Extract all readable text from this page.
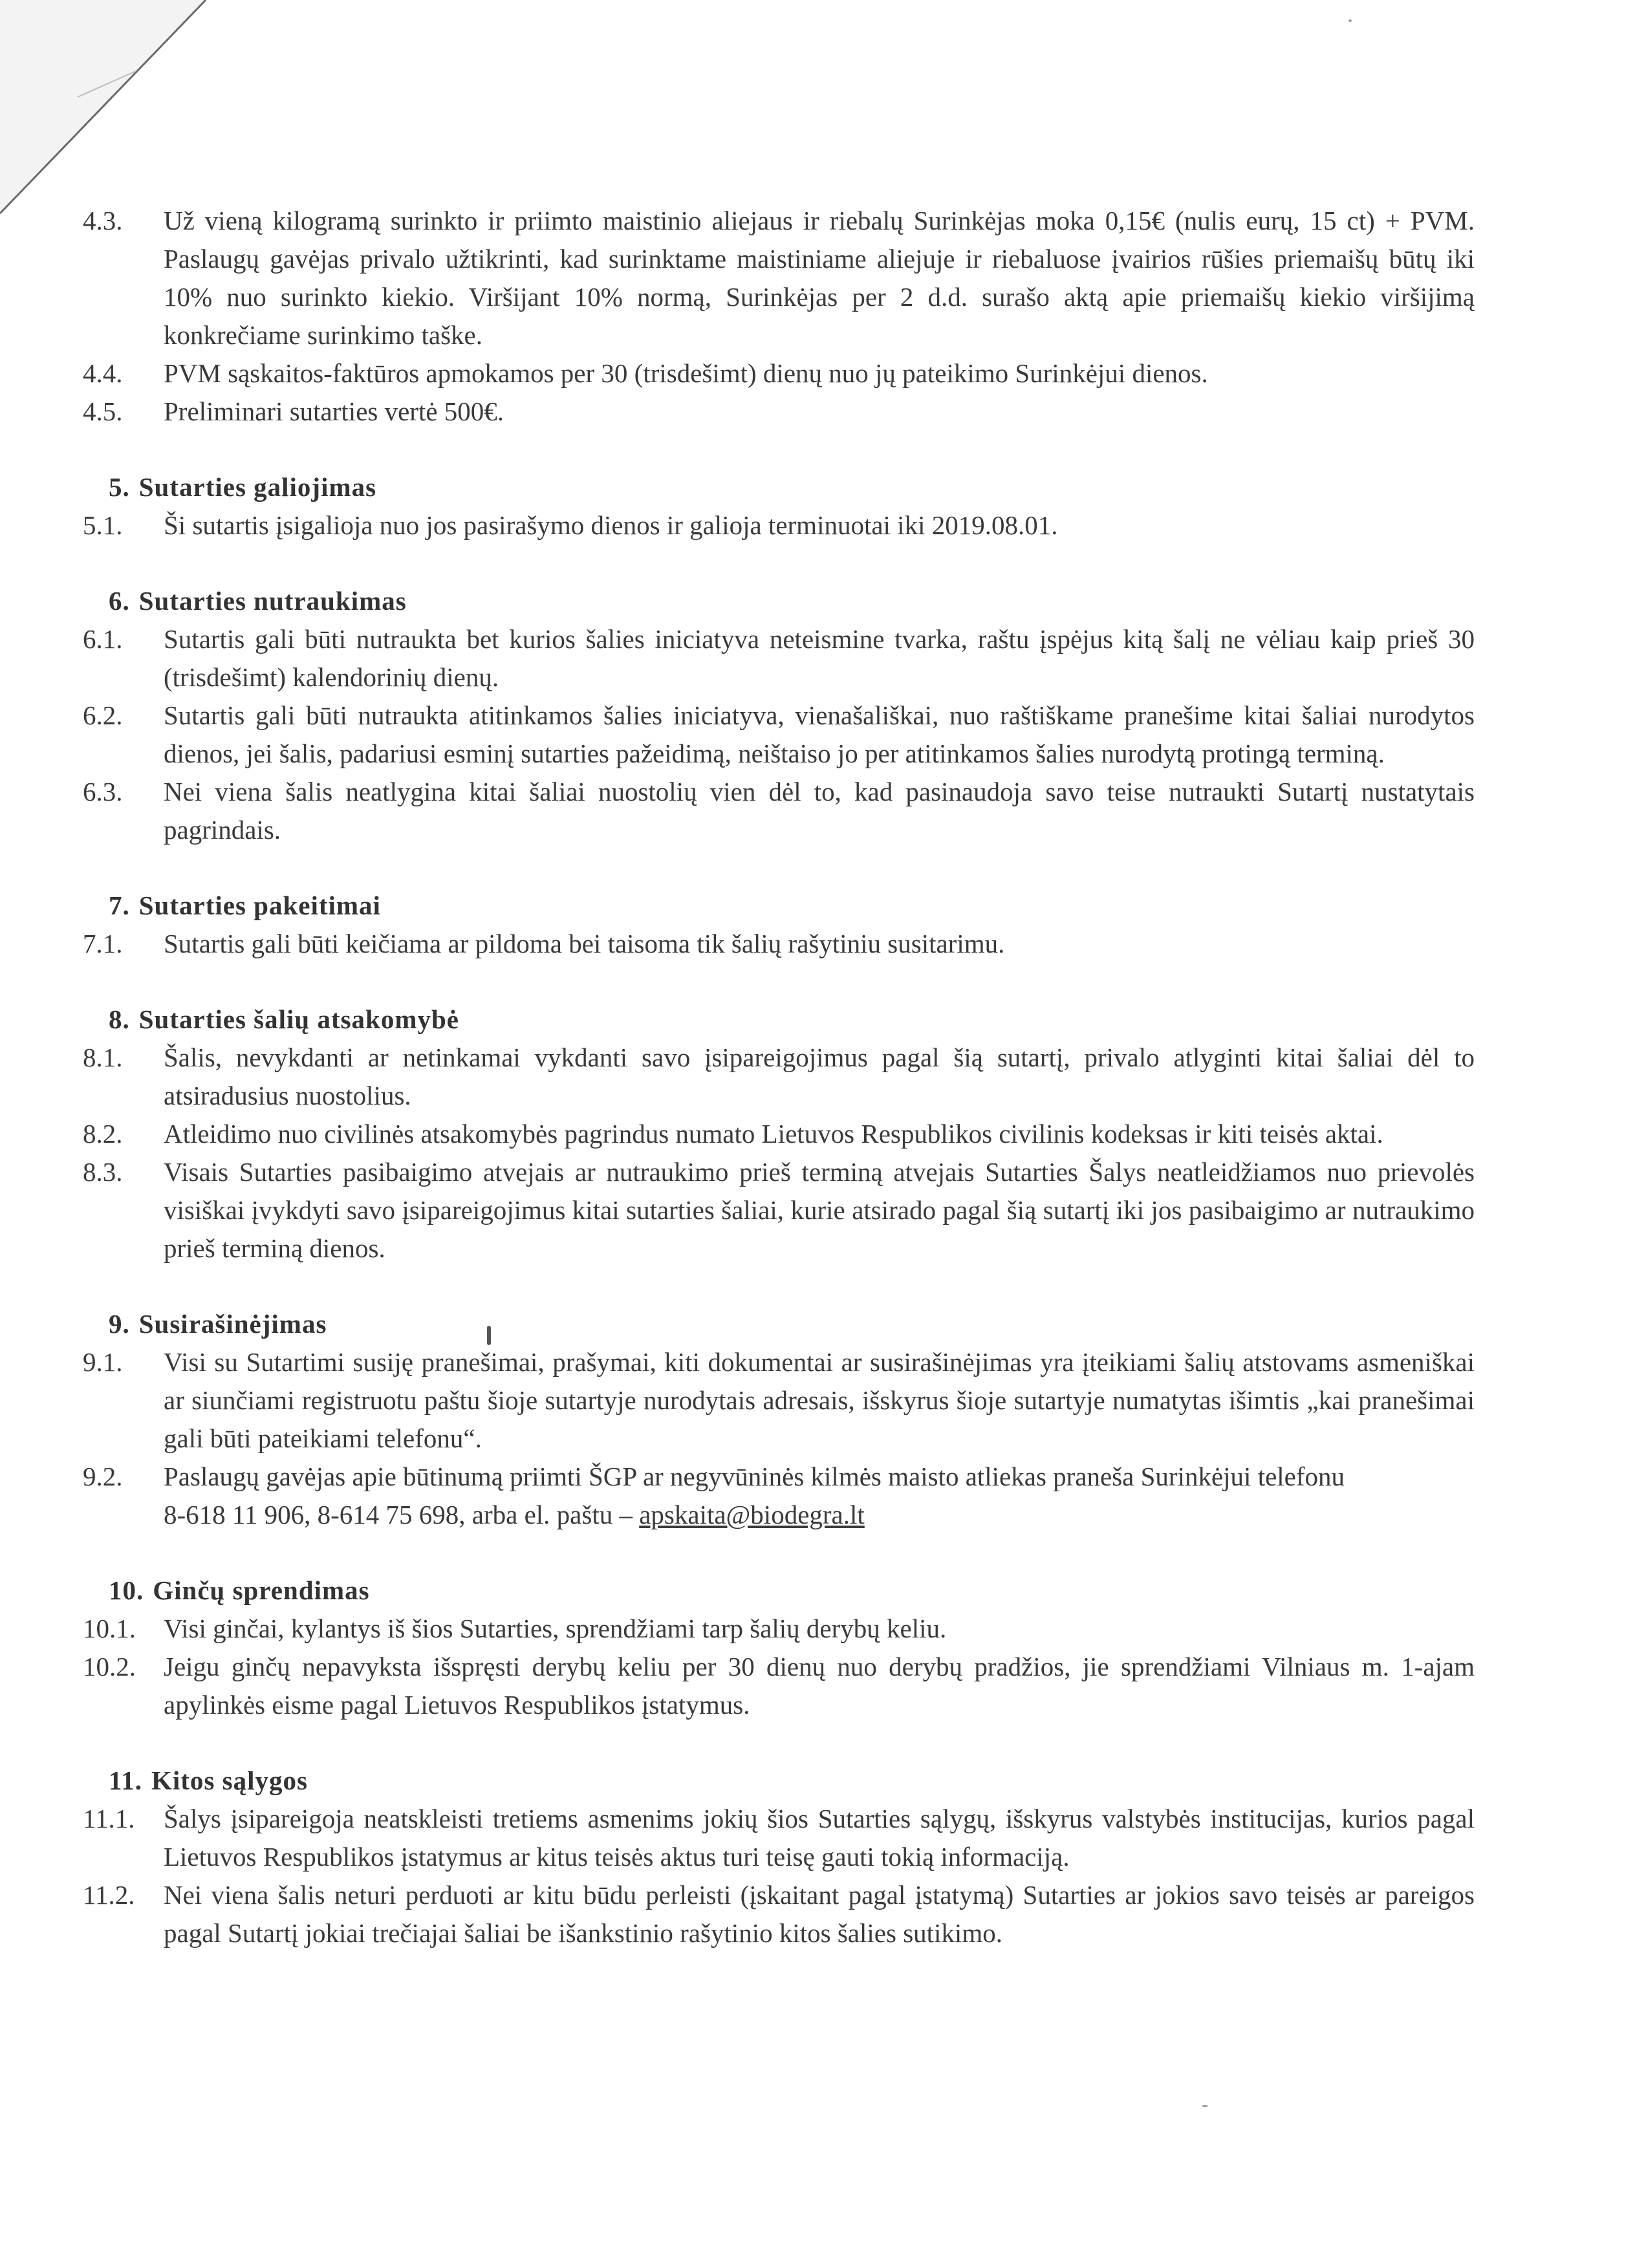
4.3. Už vieną kilogramą surinkto ir priimto maistinio aliejaus ir riebalų Surinkėjas moka 0,15€ (nulis eurų, 15 ct) + PVM. Paslaugų gavėjas privalo užtikrinti, kad surinktame maistiniame aliejuje ir riebaluose įvairios rūšies priemaišų būtų iki 10% nuo surinkto kiekio. Viršijant 10% normą, Surinkėjas per 2 d.d. surašo aktą apie priemaišų kiekio viršijimą konkrečiame surinkimo taške.
4.4. PVM sąskaitos-faktūros apmokamos per 30 (trisdešimt) dienų nuo jų pateikimo Surinkėjui dienos.
4.5. Preliminari sutarties vertė 500€.
5. Sutarties galiojimas
5.1. Ši sutartis įsigalioja nuo jos pasirašymo dienos ir galioja terminuotai iki 2019.08.01.
6. Sutarties nutraukimas
6.1. Sutartis gali būti nutraukta bet kurios šalies iniciatyva neteismine tvarka, raštu įspėjus kitą šalį ne vėliau kaip prieš 30 (trisdešimt) kalendorinių dienų.
6.2. Sutartis gali būti nutraukta atitinkamos šalies iniciatyva, vienašališkai, nuo raštiškame pranešime kitai šaliai nurodytos dienos, jei šalis, padariusi esminį sutarties pažeidimą, neištaiso jo per atitinkamos šalies nurodytą protingą terminą.
6.3. Nei viena šalis neatlygina kitai šaliai nuostolių vien dėl to, kad pasinaudoja savo teise nutraukti Sutartį nustatytais pagrindais.
7. Sutarties pakeitimai
7.1. Sutartis gali būti keičiama ar pildoma bei taisoma tik šalių rašytiniu susitarimu.
8. Sutarties šalių atsakomybė
8.1. Šalis, nevykdanti ar netinkamai vykdanti savo įsipareigojimus pagal šią sutartį, privalo atlyginti kitai šaliai dėl to atsiradusius nuostolius.
8.2. Atleidimo nuo civilinės atsakomybės pagrindus numato Lietuvos Respublikos civilinis kodeksas ir kiti teisės aktai.
8.3. Visais Sutarties pasibaigimo atvejais ar nutraukimo prieš terminą atvejais Sutarties Šalys neatleidžiamos nuo prievolės visiškai įvykdyti savo įsipareigojimus kitai sutarties šaliai, kurie atsirado pagal šią sutartį iki jos pasibaigimo ar nutraukimo prieš terminą dienos.
9. Susirašinėjimas
9.1. Visi su Sutartimi susiję pranešimai, prašymai, kiti dokumentai ar susirašinėjimas yra įteikiami šalių atstovams asmeniškai ar siunčiami registruotu paštu šioje sutartyje nurodytais adresais, išskyrus šioje sutartyje numatytas išimtis „kai pranešimai gali būti pateikiami telefonu“.
9.2. Paslaugų gavėjas apie būtinumą priimti ŠGP ar negyvūninės kilmės maisto atliekas praneša Surinkėjui telefonu
8-618 11 906, 8-614 75 698, arba el. paštu – apskaita@biodegra.lt
10. Ginčų sprendimas
10.1. Visi ginčai, kylantys iš šios Sutarties, sprendžiami tarp šalių derybų keliu.
10.2. Jeigu ginčų nepavyksta išspręsti derybų keliu per 30 dienų nuo derybų pradžios, jie sprendžiami Vilniaus m. 1-ajam apylinkės eisme pagal Lietuvos Respublikos įstatymus.
11. Kitos sąlygos
11.1. Šalys įsipareigoja neatskleisti tretiems asmenims jokių šios Sutarties sąlygų, išskyrus valstybės institucijas, kurios pagal Lietuvos Respublikos įstatymus ar kitus teisės aktus turi teisę gauti tokią informaciją.
11.2. Nei viena šalis neturi perduoti ar kitu būdu perleisti (įskaitant pagal įstatymą) Sutarties ar jokios savo teisės ar pareigos pagal Sutartį jokiai trečiajai šaliai be išankstinio rašytinio kitos šalies sutikimo.
